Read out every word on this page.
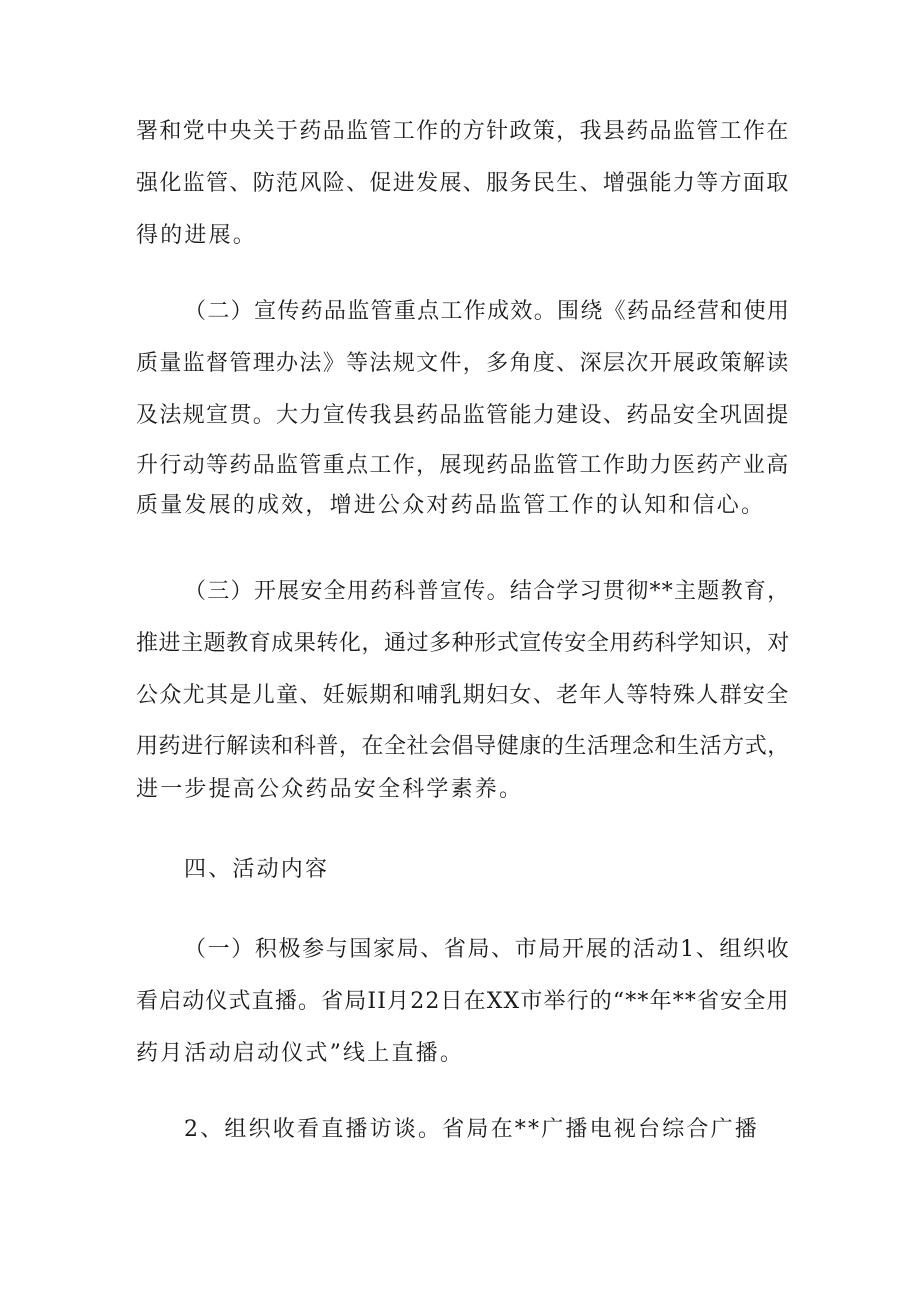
署和党中央关于药品监管工作的方针政策，我县药品监管工作在

强化监管、防范风险、促进发展、服务民生、增强能力等方面取

得的进展。

（二）宣传药品监管重点工作成效。围绕《药品经营和使用

质量监督管理办法》等法规文件，多角度、深层次开展政策解读

及法规宣贯。大力宣传我县药品监管能力建设、药品安全巩固提

升行动等药品监管重点工作，展现药品监管工作助力医药产业高

质量发展的成效，增进公众对药品监管工作的认知和信心。

（三）开展安全用药科普宣传。结合学习贯彻**主题教育，

推进主题教育成果转化，通过多种形式宣传安全用药科学知识，对

公众尤其是儿童、妊娠期和哺乳期妇女、老年人等特殊人群安全

用药进行解读和科普，在全社会倡导健康的生活理念和生活方式，

进一步提高公众药品安全科学素养。

四、活动内容

（一）积极参与国家局、省局、市局开展的活动1、组织收

看启动仪式直播。省局II月22日在XX市举行的“**年**省安全用

药月活动启动仪式”线上直播。

2、组织收看直播访谈。省局在**广播电视台综合广播
